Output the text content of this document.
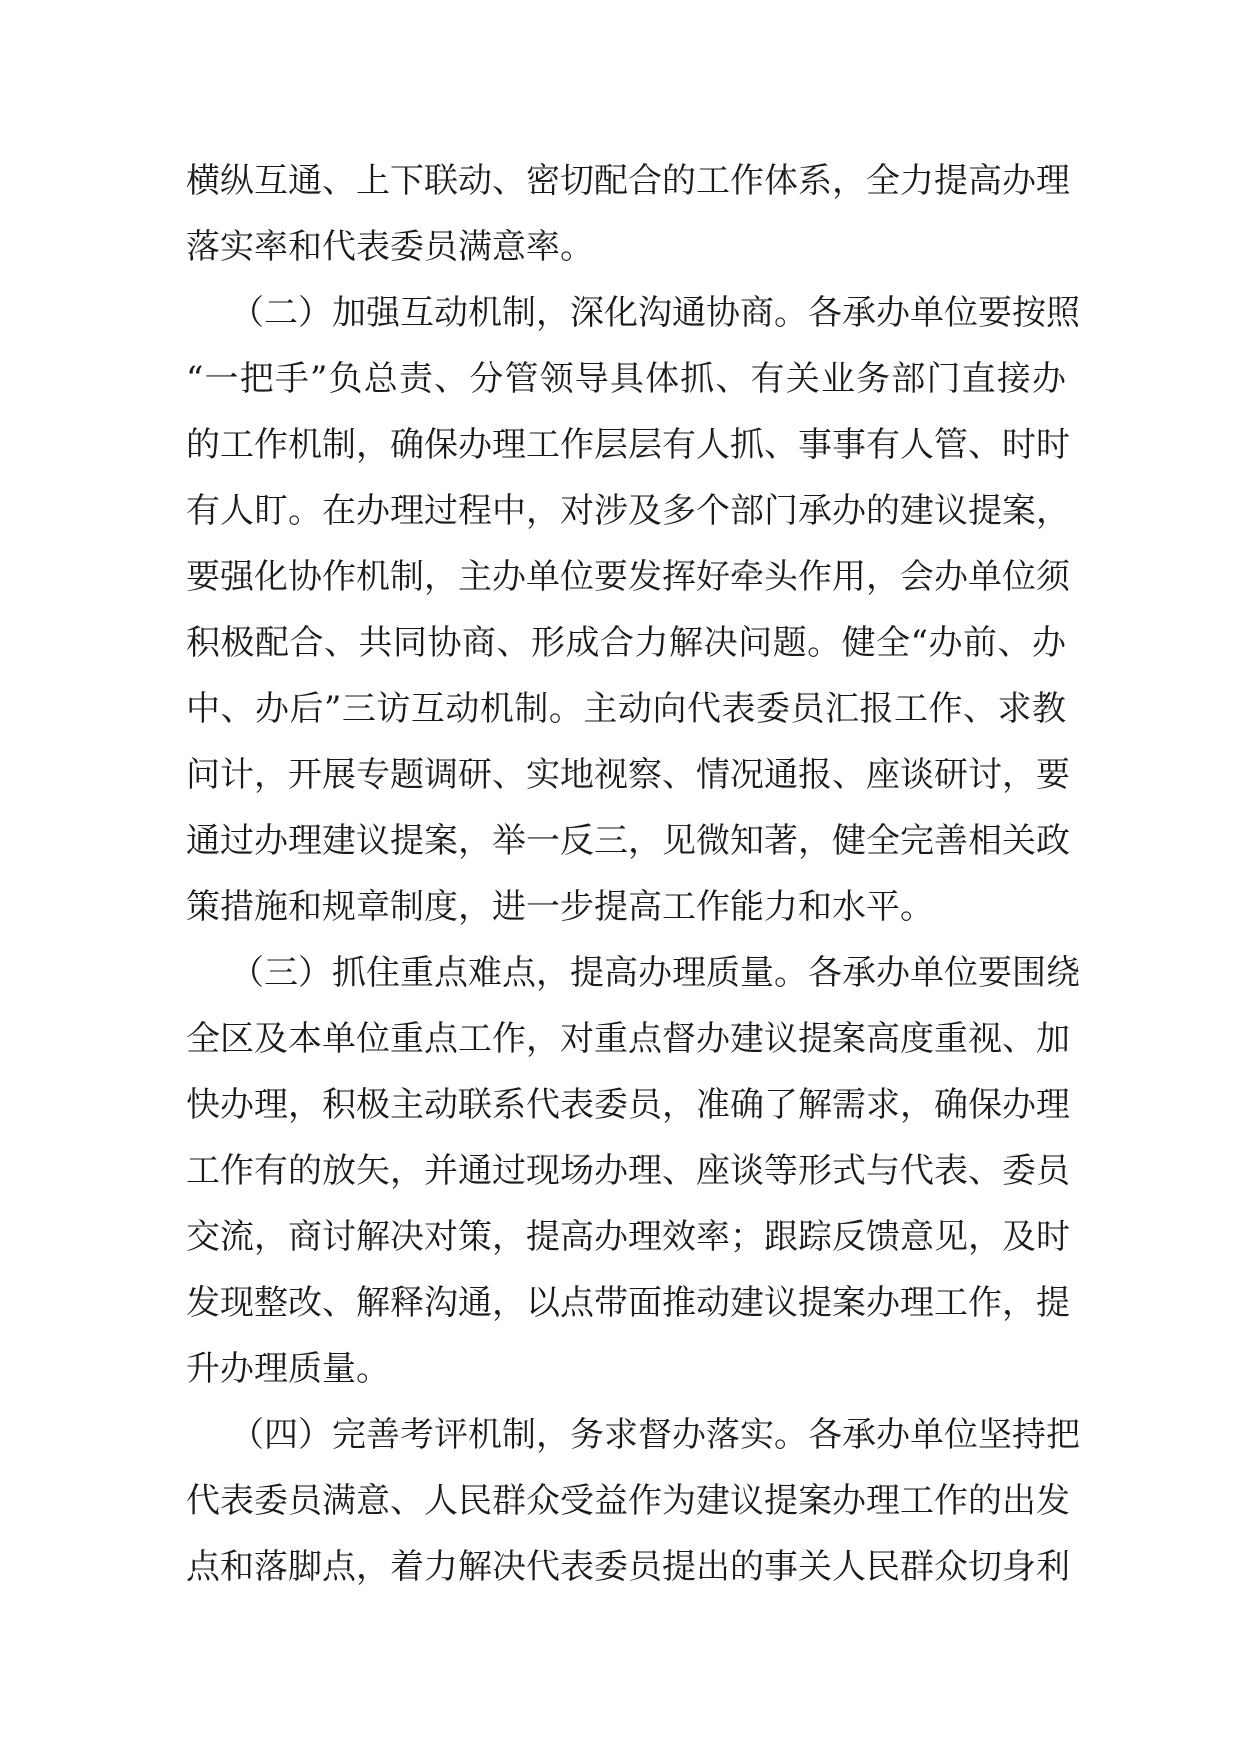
横纵互通、上下联动、密切配合的工作体系，全力提高办理
落实率和代表委员满意率。
（二）加强互动机制，深化沟通协商。各承办单位要按照
“一把手”负总责、分管领导具体抓、有关业务部门直接办
的工作机制，确保办理工作层层有人抓、事事有人管、时时
有人盯。在办理过程中，对涉及多个部门承办的建议提案，
要强化协作机制，主办单位要发挥好牵头作用，会办单位须
积极配合、共同协商、形成合力解决问题。健全“办前、办
中、办后”三访互动机制。主动向代表委员汇报工作、求教
问计，开展专题调研、实地视察、情况通报、座谈研讨，要
通过办理建议提案，举一反三，见微知著，健全完善相关政
策措施和规章制度，进一步提高工作能力和水平。
（三）抓住重点难点，提高办理质量。各承办单位要围绕
全区及本单位重点工作，对重点督办建议提案高度重视、加
快办理，积极主动联系代表委员，准确了解需求，确保办理
工作有的放矢，并通过现场办理、座谈等形式与代表、委员
交流，商讨解决对策，提高办理效率；跟踪反馈意见，及时
发现整改、解释沟通，以点带面推动建议提案办理工作，提
升办理质量。
（四）完善考评机制，务求督办落实。各承办单位坚持把
代表委员满意、人民群众受益作为建议提案办理工作的出发
点和落脚点，着力解决代表委员提出的事关人民群众切身利
